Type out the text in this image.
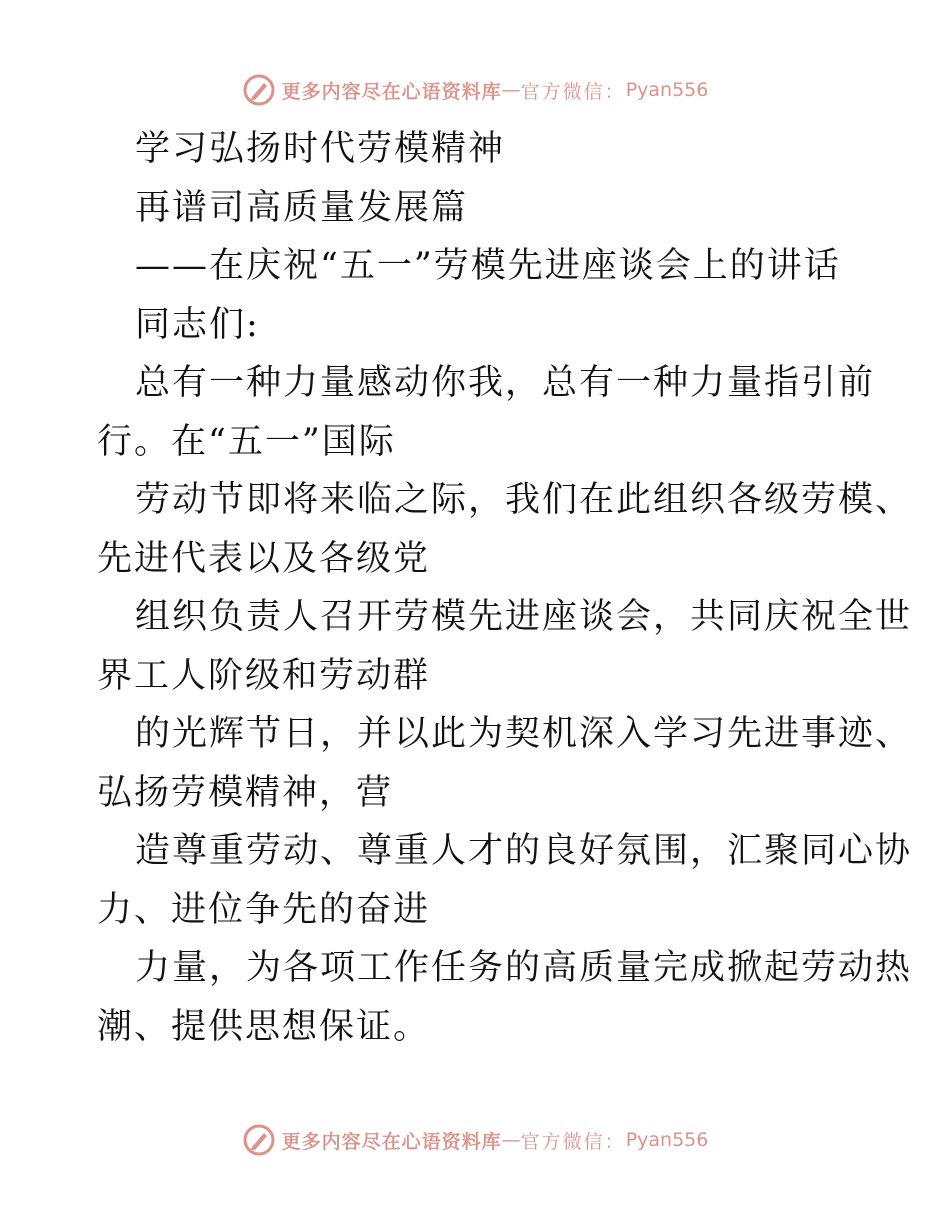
更多内容尽在心语资料库 — 官方微信： Pyan556
学习弘扬时代劳模精神
再谱司高质量发展篇
——在庆祝“五一”劳模先进座谈会上的讲话
同志们:
总有一种力量感动你我，总有一种力量指引前
行。在“五一”国际
劳动节即将来临之际，我们在此组织各级劳模、
先进代表以及各级党
组织负责人召开劳模先进座谈会，共同庆祝全世
界工人阶级和劳动群
的光辉节日，并以此为契机深入学习先进事迹、
弘扬劳模精神，营
造尊重劳动、尊重人才的良好氛围，汇聚同心协
力、进位争先的奋进
力量，为各项工作任务的高质量完成掀起劳动热
潮、提供思想保证。
更多内容尽在心语资料库 — 官方微信： Pyan556
